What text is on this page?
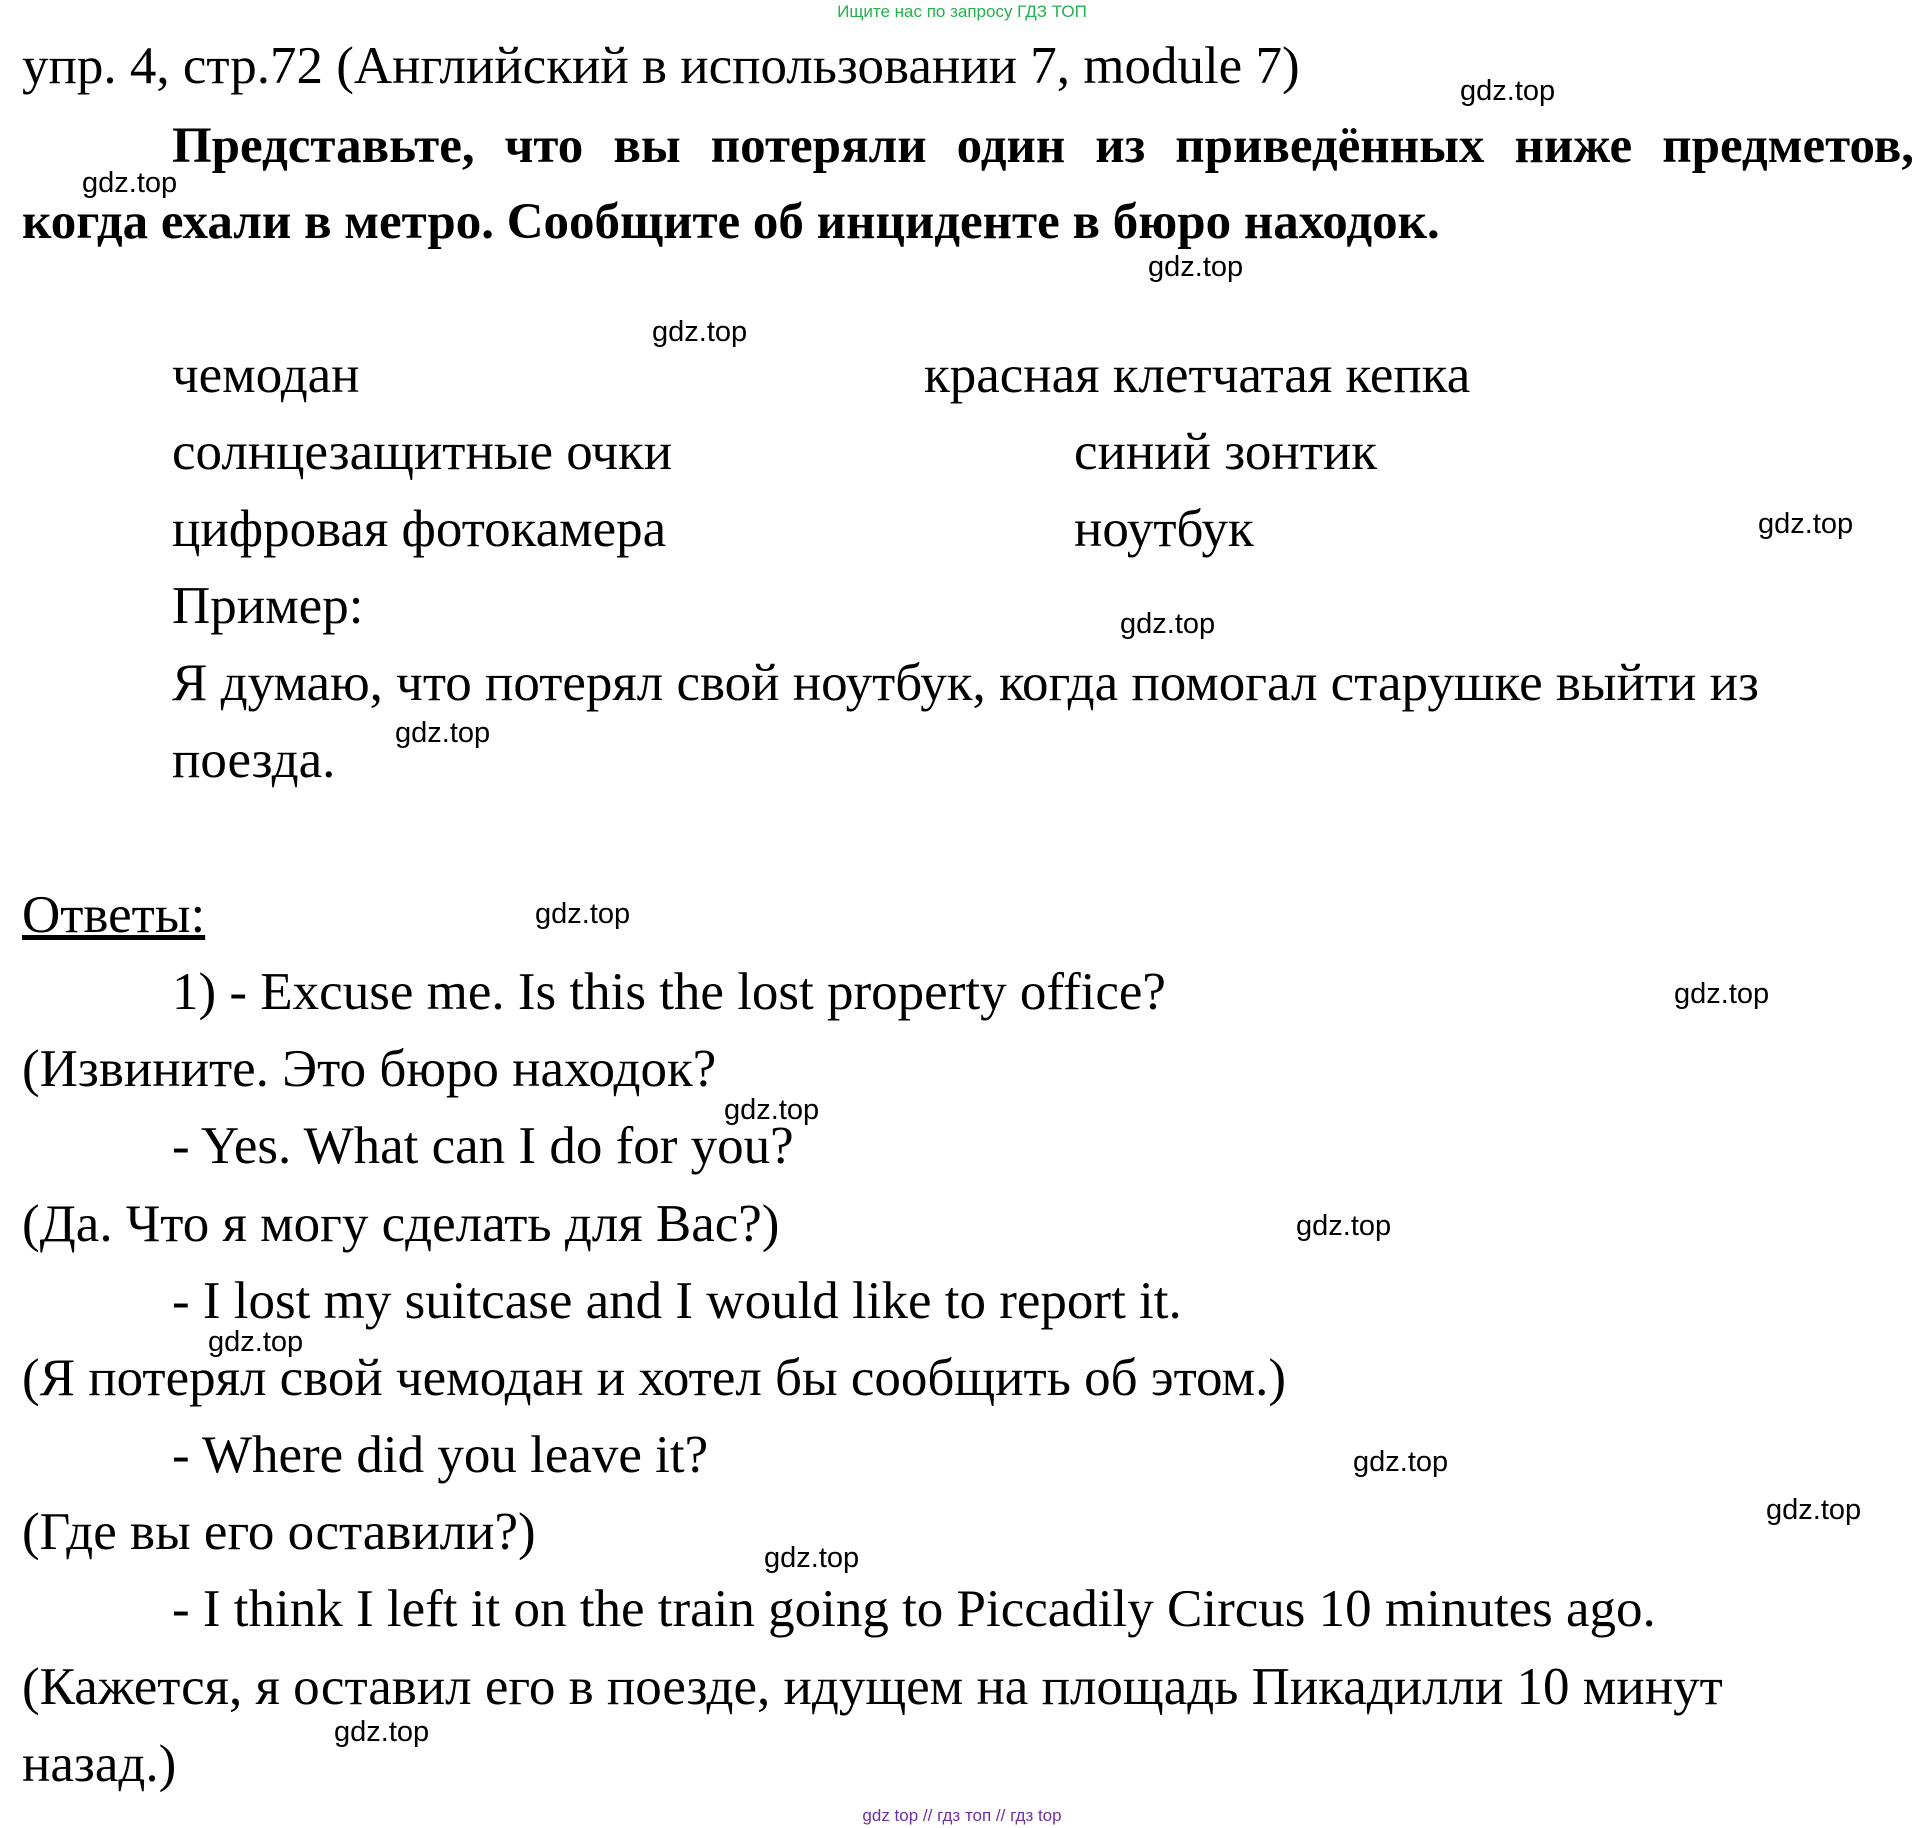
Ищите нас по запросу ГДЗ ТОП
упр. 4, стр.72 (Английский в использовании 7, module 7)
Представьте, что вы потеряли один из приведённых ниже предметов, когда ехали в метро. Сообщите об инциденте в бюро находок.
чемодан	красная клетчатая кепка
солнцезащитные очки	синий зонтик
цифровая фотокамера	ноутбук
Пример:
Я думаю, что потерял свой ноутбук, когда помогал старушке выйти из
поезда.
Ответы:
1) - Excuse me. Is this the lost property office?
(Извините. Это бюро находок?
- Yes. What can I do for you?
(Да. Что я могу сделать для Вас?)
- I lost my suitcase and I would like to report it.
(Я потерял свой чемодан и хотел бы сообщить об этом.)
- Where did you leave it?
(Где вы его оставили?)
- I think I left it on the train going to Piccadily Circus 10 minutes ago.
(Кажется, я оставил его в поезде, идущем на площадь Пикадилли 10 минут
назад.)
gdz.top
gdz.top
gdz.top
gdz.top
gdz.top
gdz.top
gdz.top
gdz.top
gdz.top
gdz.top
gdz.top
gdz.top
gdz.top
gdz.top
gdz.top
gdz.top
gdz top // гдз топ // гдз top
